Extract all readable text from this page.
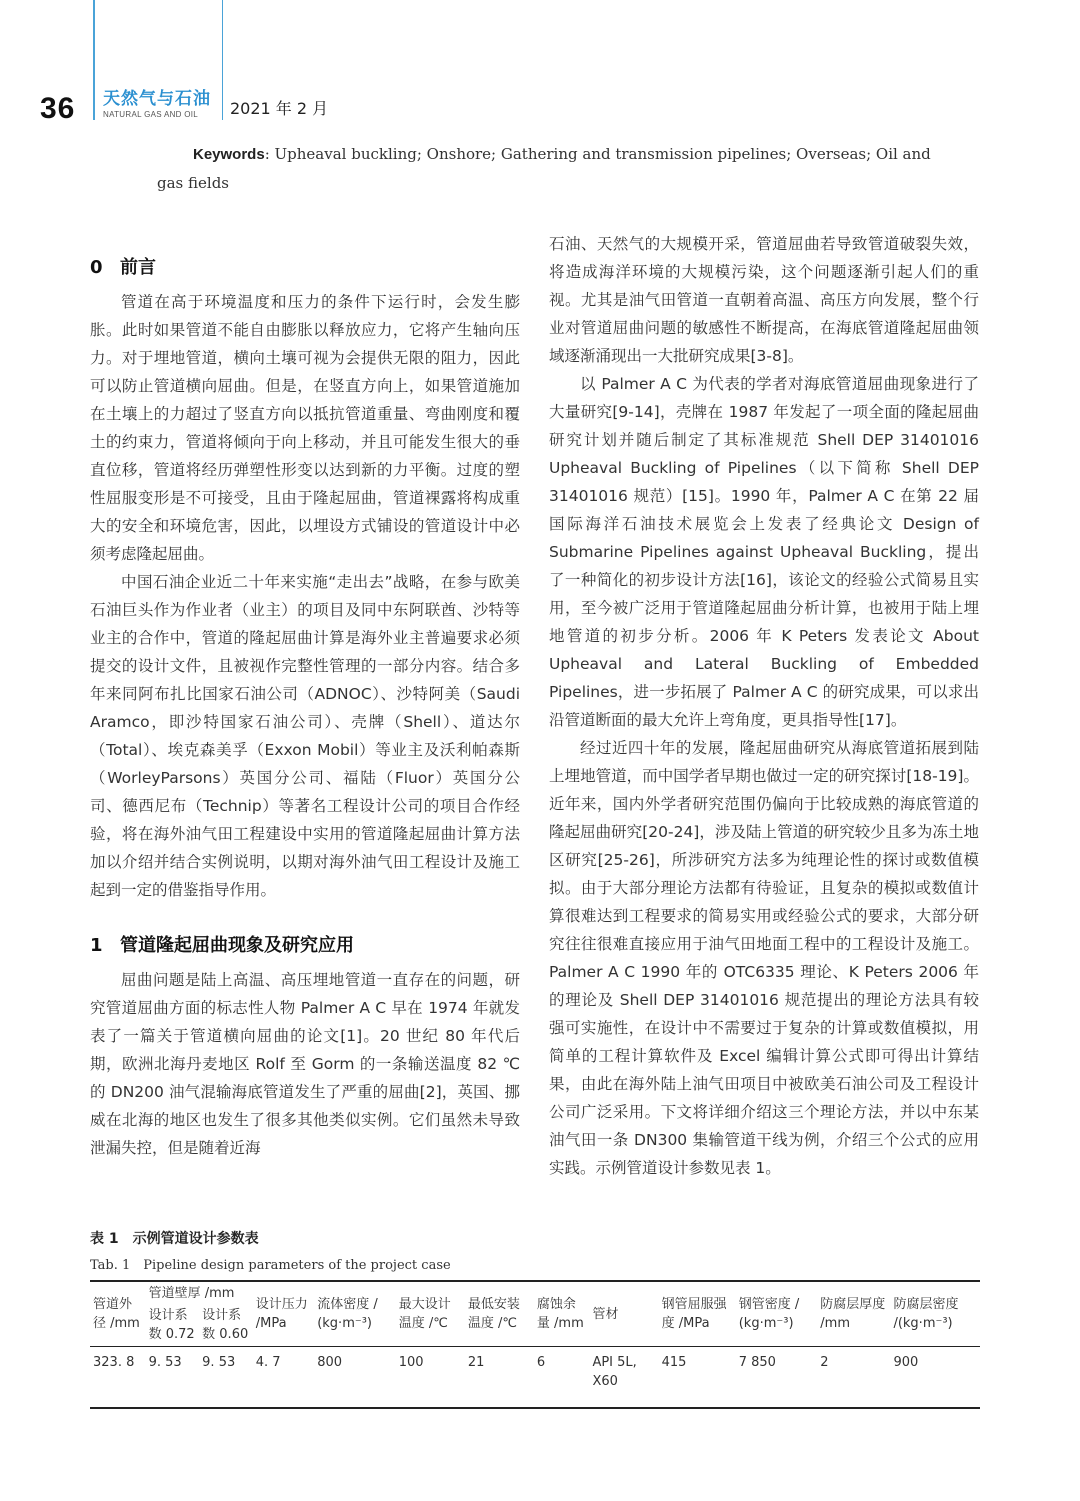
36 天然气与石油
NATURAL GAS AND OIL 2021 年 2 月
Keywords: Upheaval buckling; Onshore; Gathering and transmission pipelines; Overseas; Oil and
gas fields
0 前言

管道在高于环境温度和压力的条件下运行时，会发生膨胀。此时如果管道不能自由膨胀以释放应力，它将产生轴向压力。对于埋地管道，横向土壤可视为会提供无限的阻力，因此可以防止管道横向屈曲。但是，在竖直方向上，如果管道施加在土壤上的力超过了竖直方向以抵抗管道重量、弯曲刚度和覆土的约束力，管道将倾向于向上移动，并且可能发生很大的垂直位移，管道将经历弹塑性形变以达到新的力平衡。过度的塑性屈服变形是不可接受，且由于隆起屈曲，管道裸露将构成重大的安全和环境危害，因此，以埋设方式铺设的管道设计中必须考虑隆起屈曲。

中国石油企业近二十年来实施“走出去”战略，在参与欧美石油巨头作为作业者（业主）的项目及同中东阿联酋、沙特等业主的合作中，管道的隆起屈曲计算是海外业主普遍要求必须提交的设计文件，且被视作完整性管理的一部分内容。结合多年来同阿布扎比国家石油公司（ADNOC）、沙特阿美（Saudi Aramco，即沙特国家石油公司）、壳牌（Shell）、道达尔（Total）、埃克森美孚（Exxon Mobil）等业主及沃利帕森斯（WorleyParsons）英国分公司、福陆（Fluor）英国分公司、德西尼布（Technip）等著名工程设计公司的项目合作经验，将在海外油气田工程建设中实用的管道隆起屈曲计算方法加以介绍并结合实例说明，以期对海外油气田工程设计及施工起到一定的借鉴指导作用。

1 管道隆起屈曲现象及研究应用

屈曲问题是陆上高温、高压埋地管道一直存在的问题，研究管道屈曲方面的标志性人物 Palmer A C 早在 1974 年就发表了一篇关于管道横向屈曲的论文[1]。20 世纪 80 年代后期，欧洲北海丹麦地区 Rolf 至 Gorm 的一条输送温度 82 ℃的 DN200 油气混输海底管道发生了严重的屈曲[2]，英国、挪威在北海的地区也发生了很多其他类似实例。它们虽然未导致泄漏失控，但是随着近海

石油、天然气的大规模开采，管道屈曲若导致管道破裂失效，将造成海洋环境的大规模污染，这个问题逐渐引起人们的重视。尤其是油气田管道一直朝着高温、高压方向发展，整个行业对管道屈曲问题的敏感性不断提高，在海底管道隆起屈曲领域逐渐涌现出一大批研究成果[3-8]。

以 Palmer A C 为代表的学者对海底管道屈曲现象进行了大量研究[9-14]，壳牌在 1987 年发起了一项全面的隆起屈曲研究计划并随后制定了其标准规范 Shell DEP 31401016 Upheaval Buckling of Pipelines（以下简称 Shell DEP 31401016 规范）[15]。1990 年，Palmer A C 在第 22 届国际海洋石油技术展览会上发表了经典论文 Design of Submarine Pipelines against Upheaval Buckling，提出了一种简化的初步设计方法[16]，该论文的经验公式简易且实用，至今被广泛用于管道隆起屈曲分析计算，也被用于陆上埋地管道的初步分析。2006 年 K Peters 发表论文 About Upheaval and Lateral Buckling of Embedded Pipelines，进一步拓展了 Palmer A C 的研究成果，可以求出沿管道断面的最大允许上弯角度，更具指导性[17]。

经过近四十年的发展，隆起屈曲研究从海底管道拓展到陆上埋地管道，而中国学者早期也做过一定的研究探讨[18-19]。近年来，国内外学者研究范围仍偏向于比较成熟的海底管道的隆起屈曲研究[20-24]，涉及陆上管道的研究较少且多为冻土地区研究[25-26]，所涉研究方法多为纯理论性的探讨或数值模拟。由于大部分理论方法都有待验证，且复杂的模拟或数值计算很难达到工程要求的简易实用或经验公式的要求，大部分研究往往很难直接应用于油气田地面工程中的工程设计及施工。Palmer A C 1990 年的 OTC6335 理论、K Peters 2006 年的理论及 Shell DEP 31401016 规范提出的理论方法具有较强可实施性，在设计中不需要过于复杂的计算或数值模拟，用简单的工程计算软件及 Excel 编辑计算公式即可得出计算结果，由此在海外陆上油气田项目中被欧美石油公司及工程设计公司广泛采用。下文将详细介绍这三个理论方法，并以中东某油气田一条 DN300 集输管道干线为例，介绍三个公式的应用实践。示例管道设计参数见表 1。

表 1　示例管道设计参数表
Tab. 1　Pipeline design parameters of the project case
管道外径 /mm	管道壁厚 /mm		设计压力 /MPa	流体密度 / (kg·m⁻³)	最大设计温度 /℃	最低安装温度 /℃	腐蚀余量 /mm	管材	钢管屈服强度 /MPa	钢管密度 / (kg·m⁻³)	防腐层厚度 /mm	防腐层密度 /(kg·m⁻³)
	设计系数 0.72	设计系数 0.60										
323. 8	9. 53	9. 53	4. 7	800	100	21	6	API 5L, X60	415	7 850	2	900
